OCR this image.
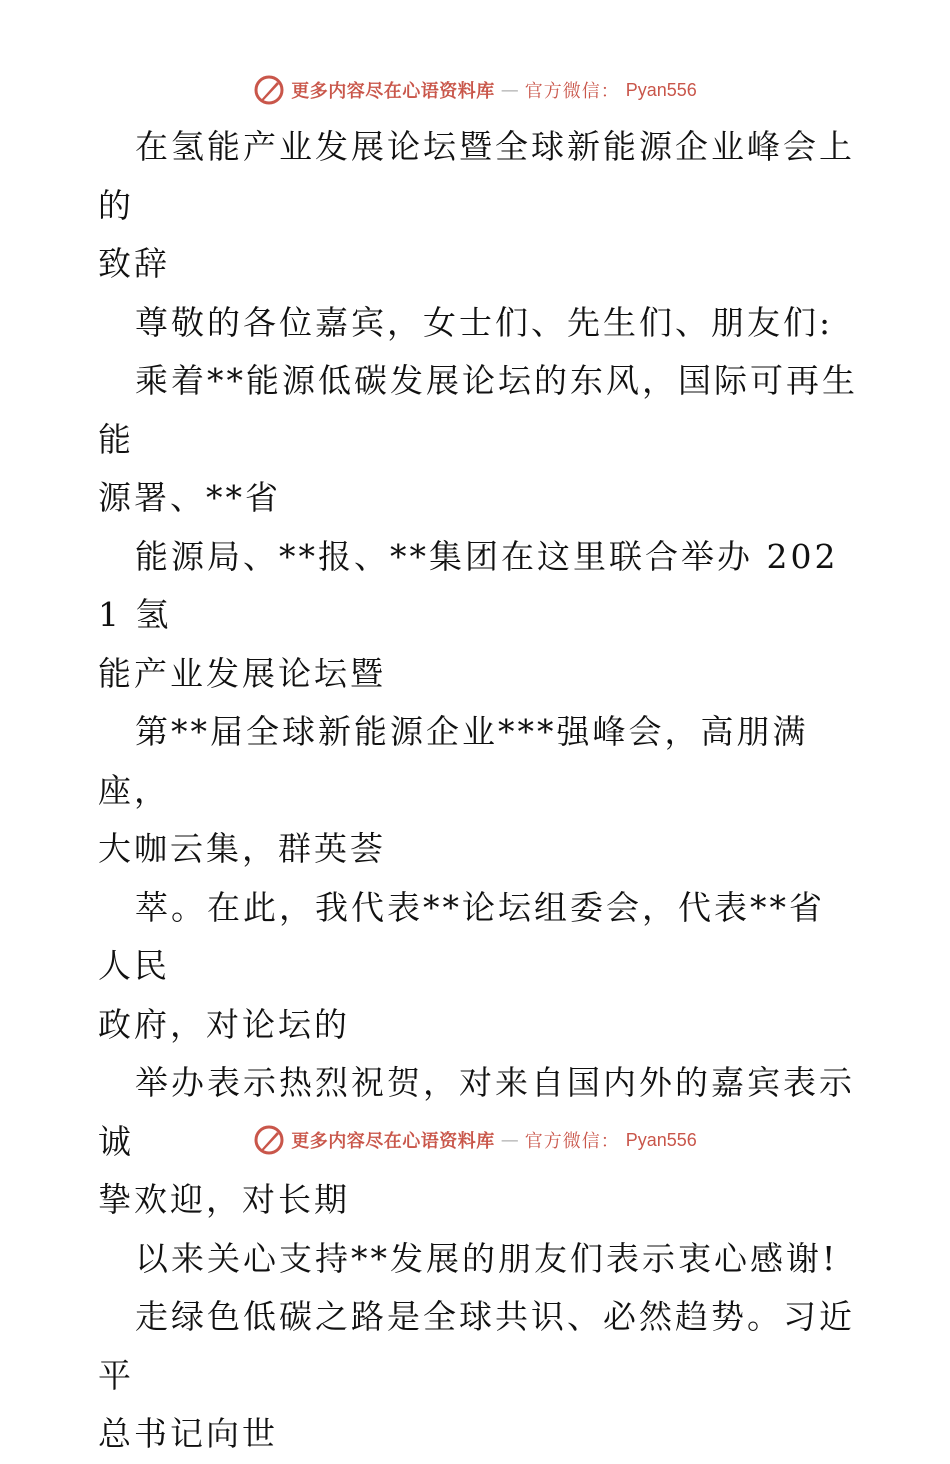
更多内容尽在心语资料库 — 官方微信： Pyan556

在氢能产业发展论坛暨全球新能源企业峰会上的
致辞

尊敬的各位嘉宾，女士们、先生们、朋友们:

乘着**能源低碳发展论坛的东风，国际可再生能
源署、**省

能源局、**报、**集团在这里联合举办 2021 氢
能产业发展论坛暨

第**届全球新能源企业***强峰会，高朋满座，
大咖云集，群英荟

萃。在此，我代表**论坛组委会，代表**省人民
政府，对论坛的

举办表示热烈祝贺，对来自国内外的嘉宾表示诚
挚欢迎，对长期

以来关心支持**发展的朋友们表示衷心感谢!

走绿色低碳之路是全球共识、必然趋势。习近平
总书记向世

更多内容尽在心语资料库 — 官方微信： Pyan556
